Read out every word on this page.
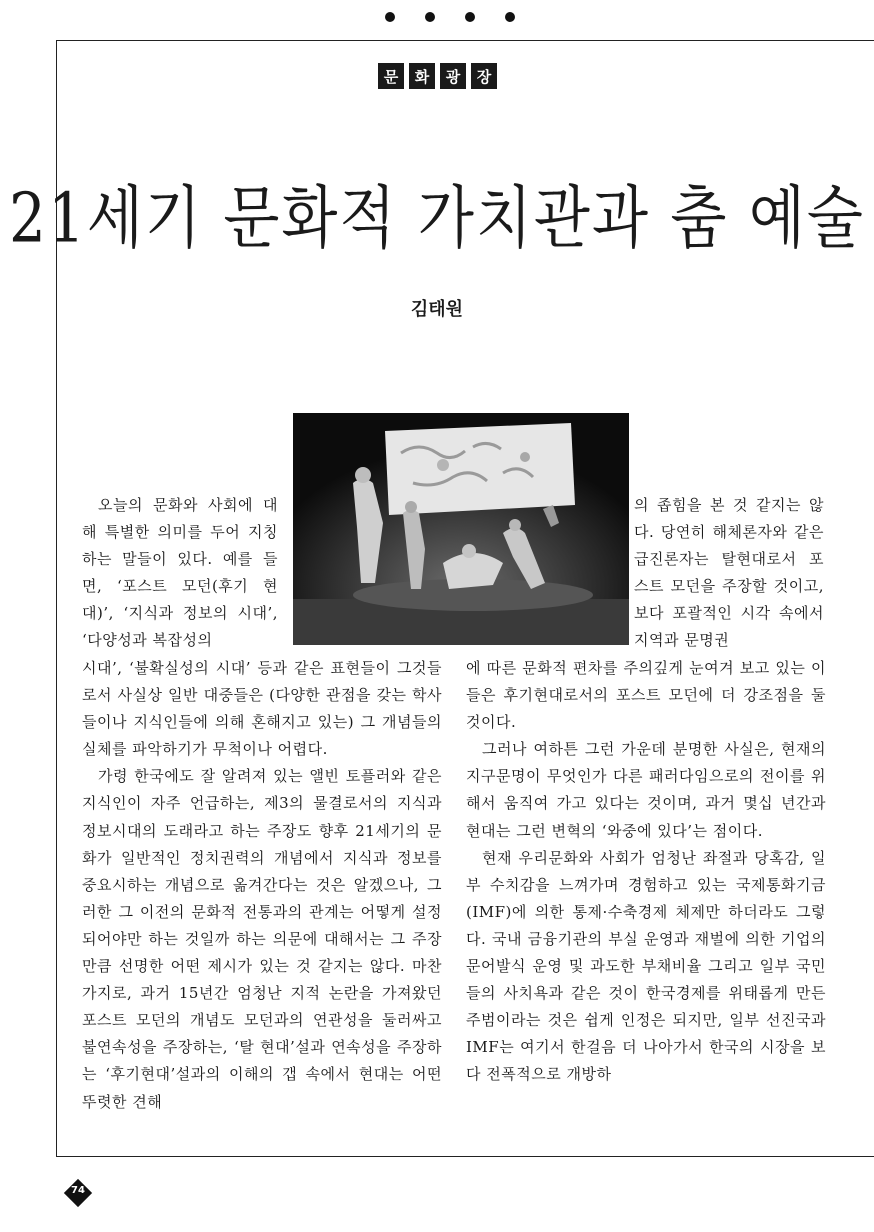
문	화	광	장
21세기 문화적 가치관과 춤 예술
김태원

오늘의 문화와 사회에 대해 특별한 의미를 두어 지칭하는 말들이 있다. 예를 들면, ‘포스트 모던(후기 현대)’, ‘지식과 정보의 시대’, ‘다양성과 복잡성의

시대’, ‘불확실성의 시대’ 등과 같은 표현들이 그것들로서 사실상 일반 대중들은 (다양한 관점을 갖는 학사들이나 지식인들에 의해 혼해지고 있는) 그 개념들의 실체를 파악하기가 무척이나 어렵다.

가령 한국에도 잘 알려져 있는 앨빈 토플러와 같은 지식인이 자주 언급하는, 제3의 물결로서의 지식과 정보시대의 도래라고 하는 주장도 향후 21세기의 문화가 일반적인 정치권력의 개념에서 지식과 정보를 중요시하는 개념으로 옮겨간다는 것은 알겠으나, 그러한 그 이전의 문화적 전통과의 관계는 어떻게 설정되어야만 하는 것일까 하는 의문에 대해서는 그 주장만큼 선명한 어떤 제시가 있는 것 같지는 않다. 마찬가지로, 과거 15년간 엄청난 지적 논란을 가져왔던 포스트 모던의 개념도 모던과의 연관성을 둘러싸고 불연속성을 주장하는, ‘탈 현대’설과 연속성을 주장하는 ‘후기현대’설과의 이해의 갭 속에서 현대는 어떤 뚜렷한 견해

의 좁힘을 본 것 같지는 않다. 당연히 해체론자와 같은 급진론자는 탈현대로서 포스트 모던을 주장할 것이고, 보다 포괄적인 시각 속에서 지역과 문명권

에 따른 문화적 편차를 주의깊게 눈여겨 보고 있는 이들은 후기현대로서의 포스트 모던에 더 강조점을 둘 것이다.

그러나 여하튼 그런 가운데 분명한 사실은, 현재의 지구문명이 무엇인가 다른 패러다임으로의 전이를 위해서 움직여 가고 있다는 것이며, 과거 몇십 년간과 현대는 그런 변혁의 ‘와중에 있다’는 점이다.

현재 우리문화와 사회가 엄청난 좌절과 당혹감, 일부 수치감을 느껴가며 경험하고 있는 국제통화기금(IMF)에 의한 통제·수축경제 체제만 하더라도 그렇다. 국내 금융기관의 부실 운영과 재벌에 의한 기업의 문어발식 운영 및 과도한 부채비율 그리고 일부 국민들의 사치욕과 같은 것이 한국경제를 위태롭게 만든 주범이라는 것은 쉽게 인정은 되지만, 일부 선진국과 IMF는 여기서 한걸음 더 나아가서 한국의 시장을 보다 전폭적으로 개방하

74
